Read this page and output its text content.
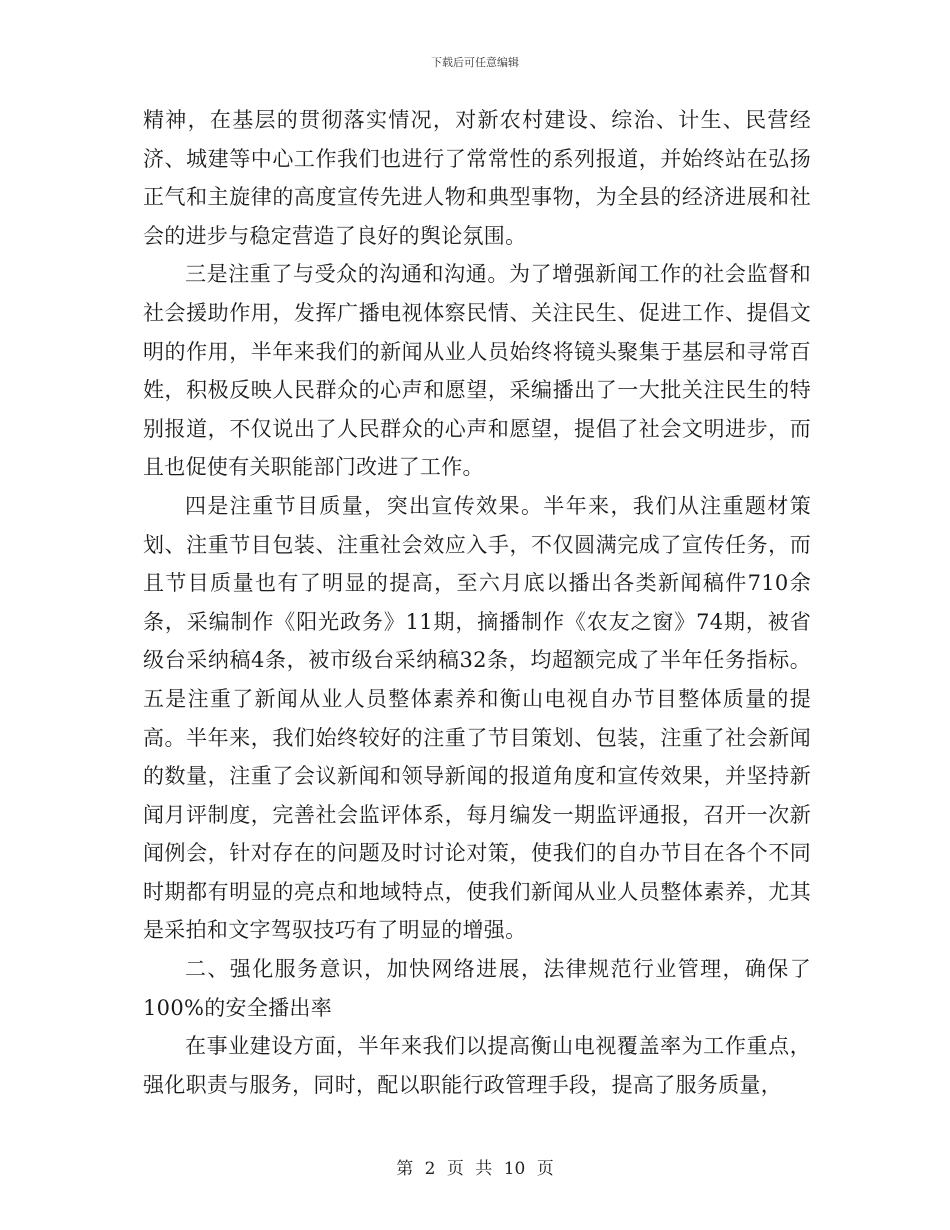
下载后可任意编辑

精神，在基层的贯彻落实情况，对新农村建设、综治、计生、民营经济、城建等中心工作我们也进行了常常性的系列报道，并始终站在弘扬正气和主旋律的高度宣传先进人物和典型事物，为全县的经济进展和社会的进步与稳定营造了良好的舆论氛围。

三是注重了与受众的沟通和沟通。为了增强新闻工作的社会监督和社会援助作用，发挥广播电视体察民情、关注民生、促进工作、提倡文明的作用，半年来我们的新闻从业人员始终将镜头聚集于基层和寻常百姓，积极反映人民群众的心声和愿望，采编播出了一大批关注民生的特别报道，不仅说出了人民群众的心声和愿望，提倡了社会文明进步，而且也促使有关职能部门改进了工作。

四是注重节目质量，突出宣传效果。半年来，我们从注重题材策划、注重节目包装、注重社会效应入手，不仅圆满完成了宣传任务，而且节目质量也有了明显的提高，至六月底以播出各类新闻稿件710余条，采编制作《阳光政务》11期，摘播制作《农友之窗》74期，被省级台采纳稿4条，被市级台采纳稿32条，均超额完成了半年任务指标。五是注重了新闻从业人员整体素养和衡山电视自办节目整体质量的提高。半年来，我们始终较好的注重了节目策划、包装，注重了社会新闻的数量，注重了会议新闻和领导新闻的报道角度和宣传效果，并坚持新闻月评制度，完善社会监评体系，每月编发一期监评通报，召开一次新闻例会，针对存在的问题及时讨论对策，使我们的自办节目在各个不同时期都有明显的亮点和地域特点，使我们新闻从业人员整体素养，尤其是采拍和文字驾驭技巧有了明显的增强。

二、强化服务意识，加快网络进展，法律规范行业管理，确保了100%的安全播出率

在事业建设方面，半年来我们以提高衡山电视覆盖率为工作重点，强化职责与服务，同时，配以职能行政管理手段，提高了服务质量，

第 2 页 共 10 页
